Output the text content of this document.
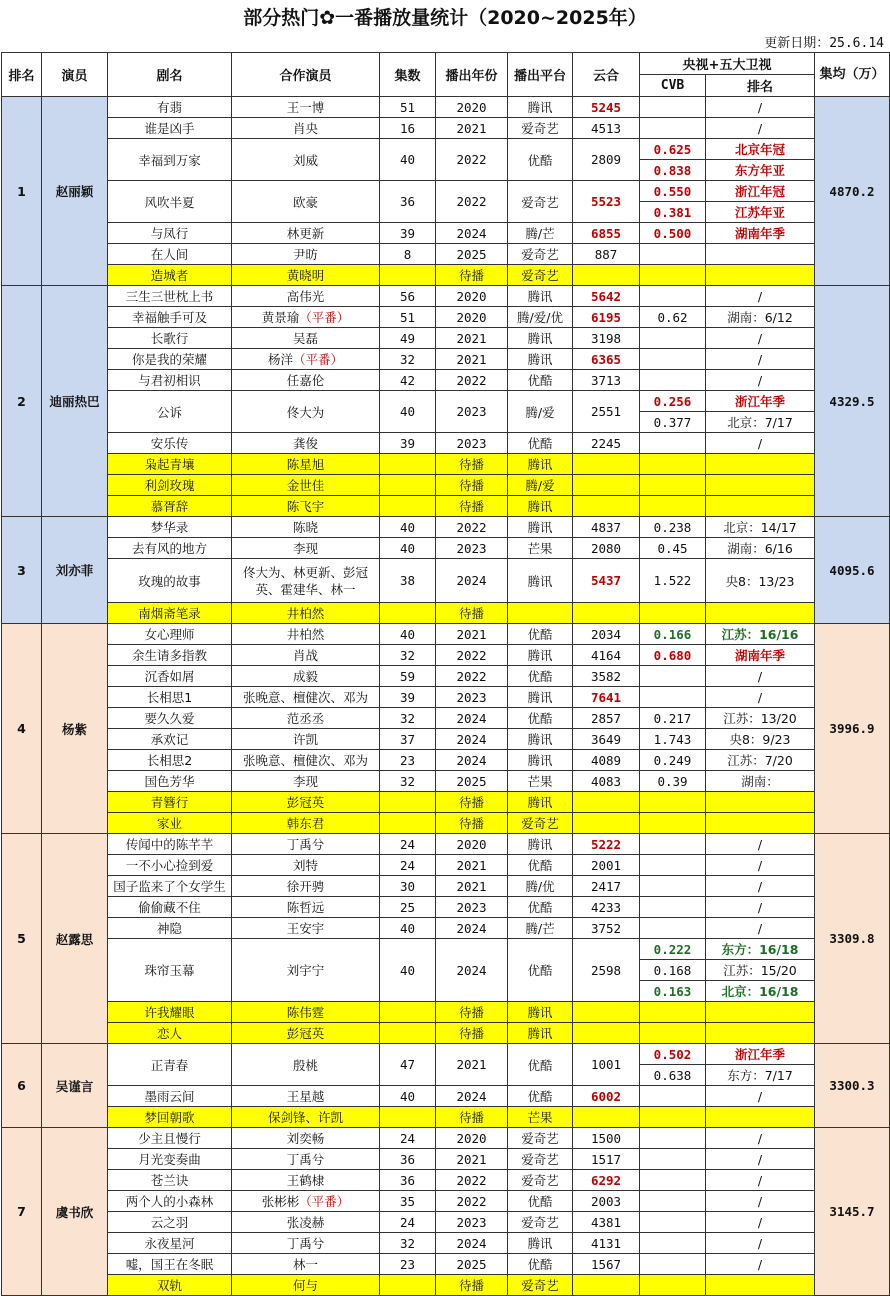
部分热门✿一番播放量统计（2020~2025年）
更新日期：25.6.14
排名	演员	剧名	合作演员	集数	播出年份	播出平台	云合	央视+五大卫视		集均（万）
								CVB	排名	
1	赵丽颖	有翡	王一博	51	2020	腾讯	5245		/	4870.2
		谁是凶手	肖央	16	2021	爱奇艺	4513		/	
		幸福到万家	刘威	40	2022	优酷	2809	0.625	北京年冠	
								0.838	东方年亚	
		风吹半夏	欧豪	36	2022	爱奇艺	5523	0.550	浙江年冠	
								0.381	江苏年亚	
		与凤行	林更新	39	2024	腾/芒	6855	0.500	湖南年季	
		在人间	尹昉	8	2025	爱奇艺	887			
		造城者	黄晓明		待播	爱奇艺				
2	迪丽热巴	三生三世枕上书	高伟光	56	2020	腾讯	5642		/	4329.5
		幸福触手可及	黄景瑜（平番）	51	2020	腾/爱/优	6195	0.62	湖南：6/12	
		长歌行	吴磊	49	2021	腾讯	3198		/	
		你是我的荣耀	杨洋（平番）	32	2021	腾讯	6365		/	
		与君初相识	任嘉伦	42	2022	优酷	3713		/	
		公诉	佟大为	40	2023	腾/爱	2551	0.256	浙江年季	
								0.377	北京：7/17	
		安乐传	龚俊	39	2023	优酷	2245		/	
		枭起青壤	陈星旭		待播	腾讯				
		利剑玫瑰	金世佳		待播	腾/爱				
		慕胥辞	陈飞宇		待播	腾讯				
3	刘亦菲	梦华录	陈晓	40	2022	腾讯	4837	0.238	北京：14/17	4095.6
		去有风的地方	李现	40	2023	芒果	2080	0.45	湖南：6/16	
		玫瑰的故事	佟大为、林更新、彭冠英、霍建华、林一	38	2024	腾讯	5437	1.522	央8：13/23	
		南烟斋笔录	井柏然		待播					
4	杨紫	女心理师	井柏然	40	2021	优酷	2034	0.166	江苏：16/16	3996.9
		余生请多指教	肖战	32	2022	腾讯	4164	0.680	湖南年季	
		沉香如屑	成毅	59	2022	优酷	3582		/	
		长相思1	张晚意、檀健次、邓为	39	2023	腾讯	7641		/	
		要久久爱	范丞丞	32	2024	优酷	2857	0.217	江苏：13/20	
		承欢记	许凯	37	2024	腾讯	3649	1.743	央8：9/23	
		长相思2	张晚意、檀健次、邓为	23	2024	腾讯	4089	0.249	江苏：7/20	
		国色芳华	李现	32	2025	芒果	4083	0.39	湖南：	
		青簪行	彭冠英		待播	腾讯				
		家业	韩东君		待播	爱奇艺				
5	赵露思	传闻中的陈芊芊	丁禹兮	24	2020	腾讯	5222		/	3309.8
		一不小心捡到爱	刘特	24	2021	优酷	2001		/	
		国子监来了个女学生	徐开骋	30	2021	腾/优	2417		/	
		偷偷藏不住	陈哲远	25	2023	优酷	4233		/	
		神隐	王安宇	40	2024	腾/芒	3752		/	
		珠帘玉幕	刘宇宁	40	2024	优酷	2598	0.222	东方：16/18	
								0.168	江苏：15/20	
								0.163	北京：16/18	
		许我耀眼	陈伟霆		待播	腾讯				
		恋人	彭冠英		待播	腾讯				
6	吴谨言	正青春	殷桃	47	2021	优酷	1001	0.502	浙江年季	3300.3
								0.638	东方：7/17	
		墨雨云间	王星越	40	2024	优酷	6002		/	
		梦回朝歌	保剑锋、许凯		待播	芒果				
7	虞书欣	少主且慢行	刘奕畅	24	2020	爱奇艺	1500		/	3145.7
		月光变奏曲	丁禹兮	36	2021	爱奇艺	1517		/	
		苍兰诀	王鹤棣	36	2022	爱奇艺	6292		/	
		两个人的小森林	张彬彬（平番）	35	2022	优酷	2003		/	
		云之羽	张凌赫	24	2023	爱奇艺	4381		/	
		永夜星河	丁禹兮	32	2024	腾讯	4131		/	
		嘘，国王在冬眠	林一	23	2025	优酷	1567		/	
		双轨	何与		待播	爱奇艺				
